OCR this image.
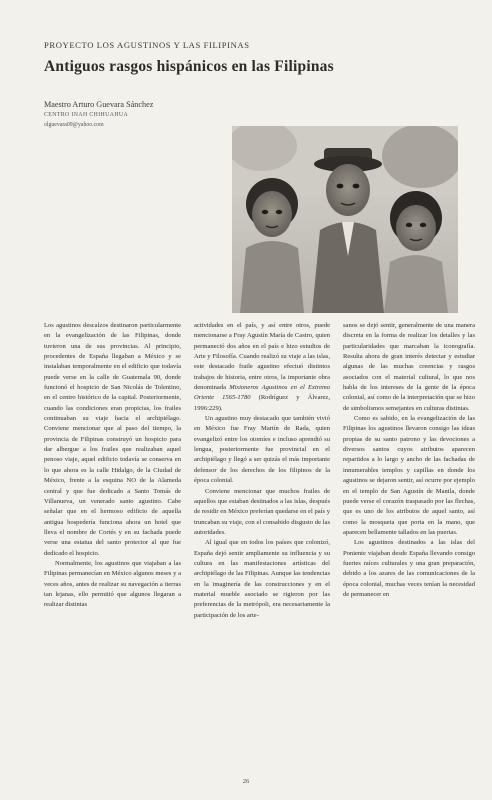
PROYECTO LOS AGUSTINOS Y LAS FILIPINAS
Antiguos rasgos hispánicos en las Filipinas
Maestro Arturo Guevara Sánchez
CENTRO INAH CHIHUAHUA
olguevara09@yahoo.com

Los agustinos descalzos destinaron particularmente en la evangelización de las Filipinas, donde tuvieron una de sus provincias. Al principio, procedentes de España llegaban a México y se instalaban temporalmente en el edificio que todavía puede verse en la calle de Guatemala 90, donde funcionó el hospicio de San Nicolás de Tolentino, en el centro histórico de la capital. Posteriormente, cuando las condiciones eran propicias, los frailes continuaban su viaje hacia el archipiélago. Conviene mencionar que al paso del tiempo, la provincia de Filipinas construyó un hospicio para dar albergue a los frailes que realizaban aquel penoso viaje, aquel edificio todavía se conserva en lo que ahora es la calle Hidalgo, de la Ciudad de México, frente a la esquina NO de la Alameda central y que fue dedicado a Santo Tomás de Villanueva, un venerado santo agustino. Cabe señalar que en el hermoso edificio de aquella antigua hospedería funciona ahora un hotel que lleva el nombre de Cortés y en su fachada puede verse una estatua del santo protector al que fue dedicado el hospicio.

Normalmente, los agustinos que viajaban a las Filipinas permanecían en México algunos meses y a veces años, antes de realizar su navegación a tierras tan lejanas, ello permitió que algunos llegaran a realizar distintas

actividades en el país, y así entre otros, puede mencionarse a Fray Agustín María de Castro, quien permaneció dos años en el país e hizo estudios de Arte y Filosofía. Cuando realizó su viaje a las islas, este destacado fraile agustino efectuó distintos trabajos de historia, entre otros, la importante obra denominada Misioneros Agustinos en el Extremo Oriente 1565-1780 (Rodríguez y Álvarez, 1996:229).

Un agustino muy destacado que también vivió en México fue Fray Martín de Rada, quien evangelizó entre los otomíes e incluso aprendió su lengua, posteriormente fue provincial en el archipiélago y llegó a ser quizás el más importante defensor de los derechos de los filipinos de la época colonial.

Conviene mencionar que muchos frailes de aquellos que estaban destinados a las islas, después de residir en México preferían quedarse en el país y truncaban su viaje, con el consabido disgusto de las autoridades.

Al igual que en todos los países que colonizó, España dejó sentir ampliamente su influencia y su cultura en las manifestaciones artísticas del archipiélago de las Filipinas. Aunque las tendencias en la imaginería de las construcciones y en el material mueble asociado se rigieron por las preferencias de la metrópoli, era necesariamente la participación de los arte-

sanos se dejó sentir, generalmente de una manera discreta en la forma de realizar los detalles y las particularidades que marcaban la iconografía. Resulta ahora de gran interés detectar y estudiar algunas de las muchas creencias y rasgos asociados con el material cultural, lo que nos habla de los intereses de la gente de la época colonial, así como de la interpretación que se hizo de simbolismos semejantes en culturas distintas.

Como es sabido, en la evangelización de las Filipinas los agustinos llevaron consigo las ideas propias de su santo patrono y las devociones a diversos santos cuyos atributos aparecen repartidos a lo largo y ancho de las fachadas de innumerables templos y capillas en donde los agustinos se dejaron sentir, así ocurre por ejemplo en el templo de San Agustín de Manila, donde puede verse el corazón traspasado por las flechas, que es uno de los atributos de aquel santo, así como la mosqueta que porta en la mano, que aparecen bellamente tallados en las puertas.

Los agustinos destinados a las islas del Poniente viajaban desde España llevando consigo fuertes raíces culturales y una gran preparación, debido a los azares de las comunicaciones de la época colonial, muchas veces tenían la necesidad de permanecer en

26
